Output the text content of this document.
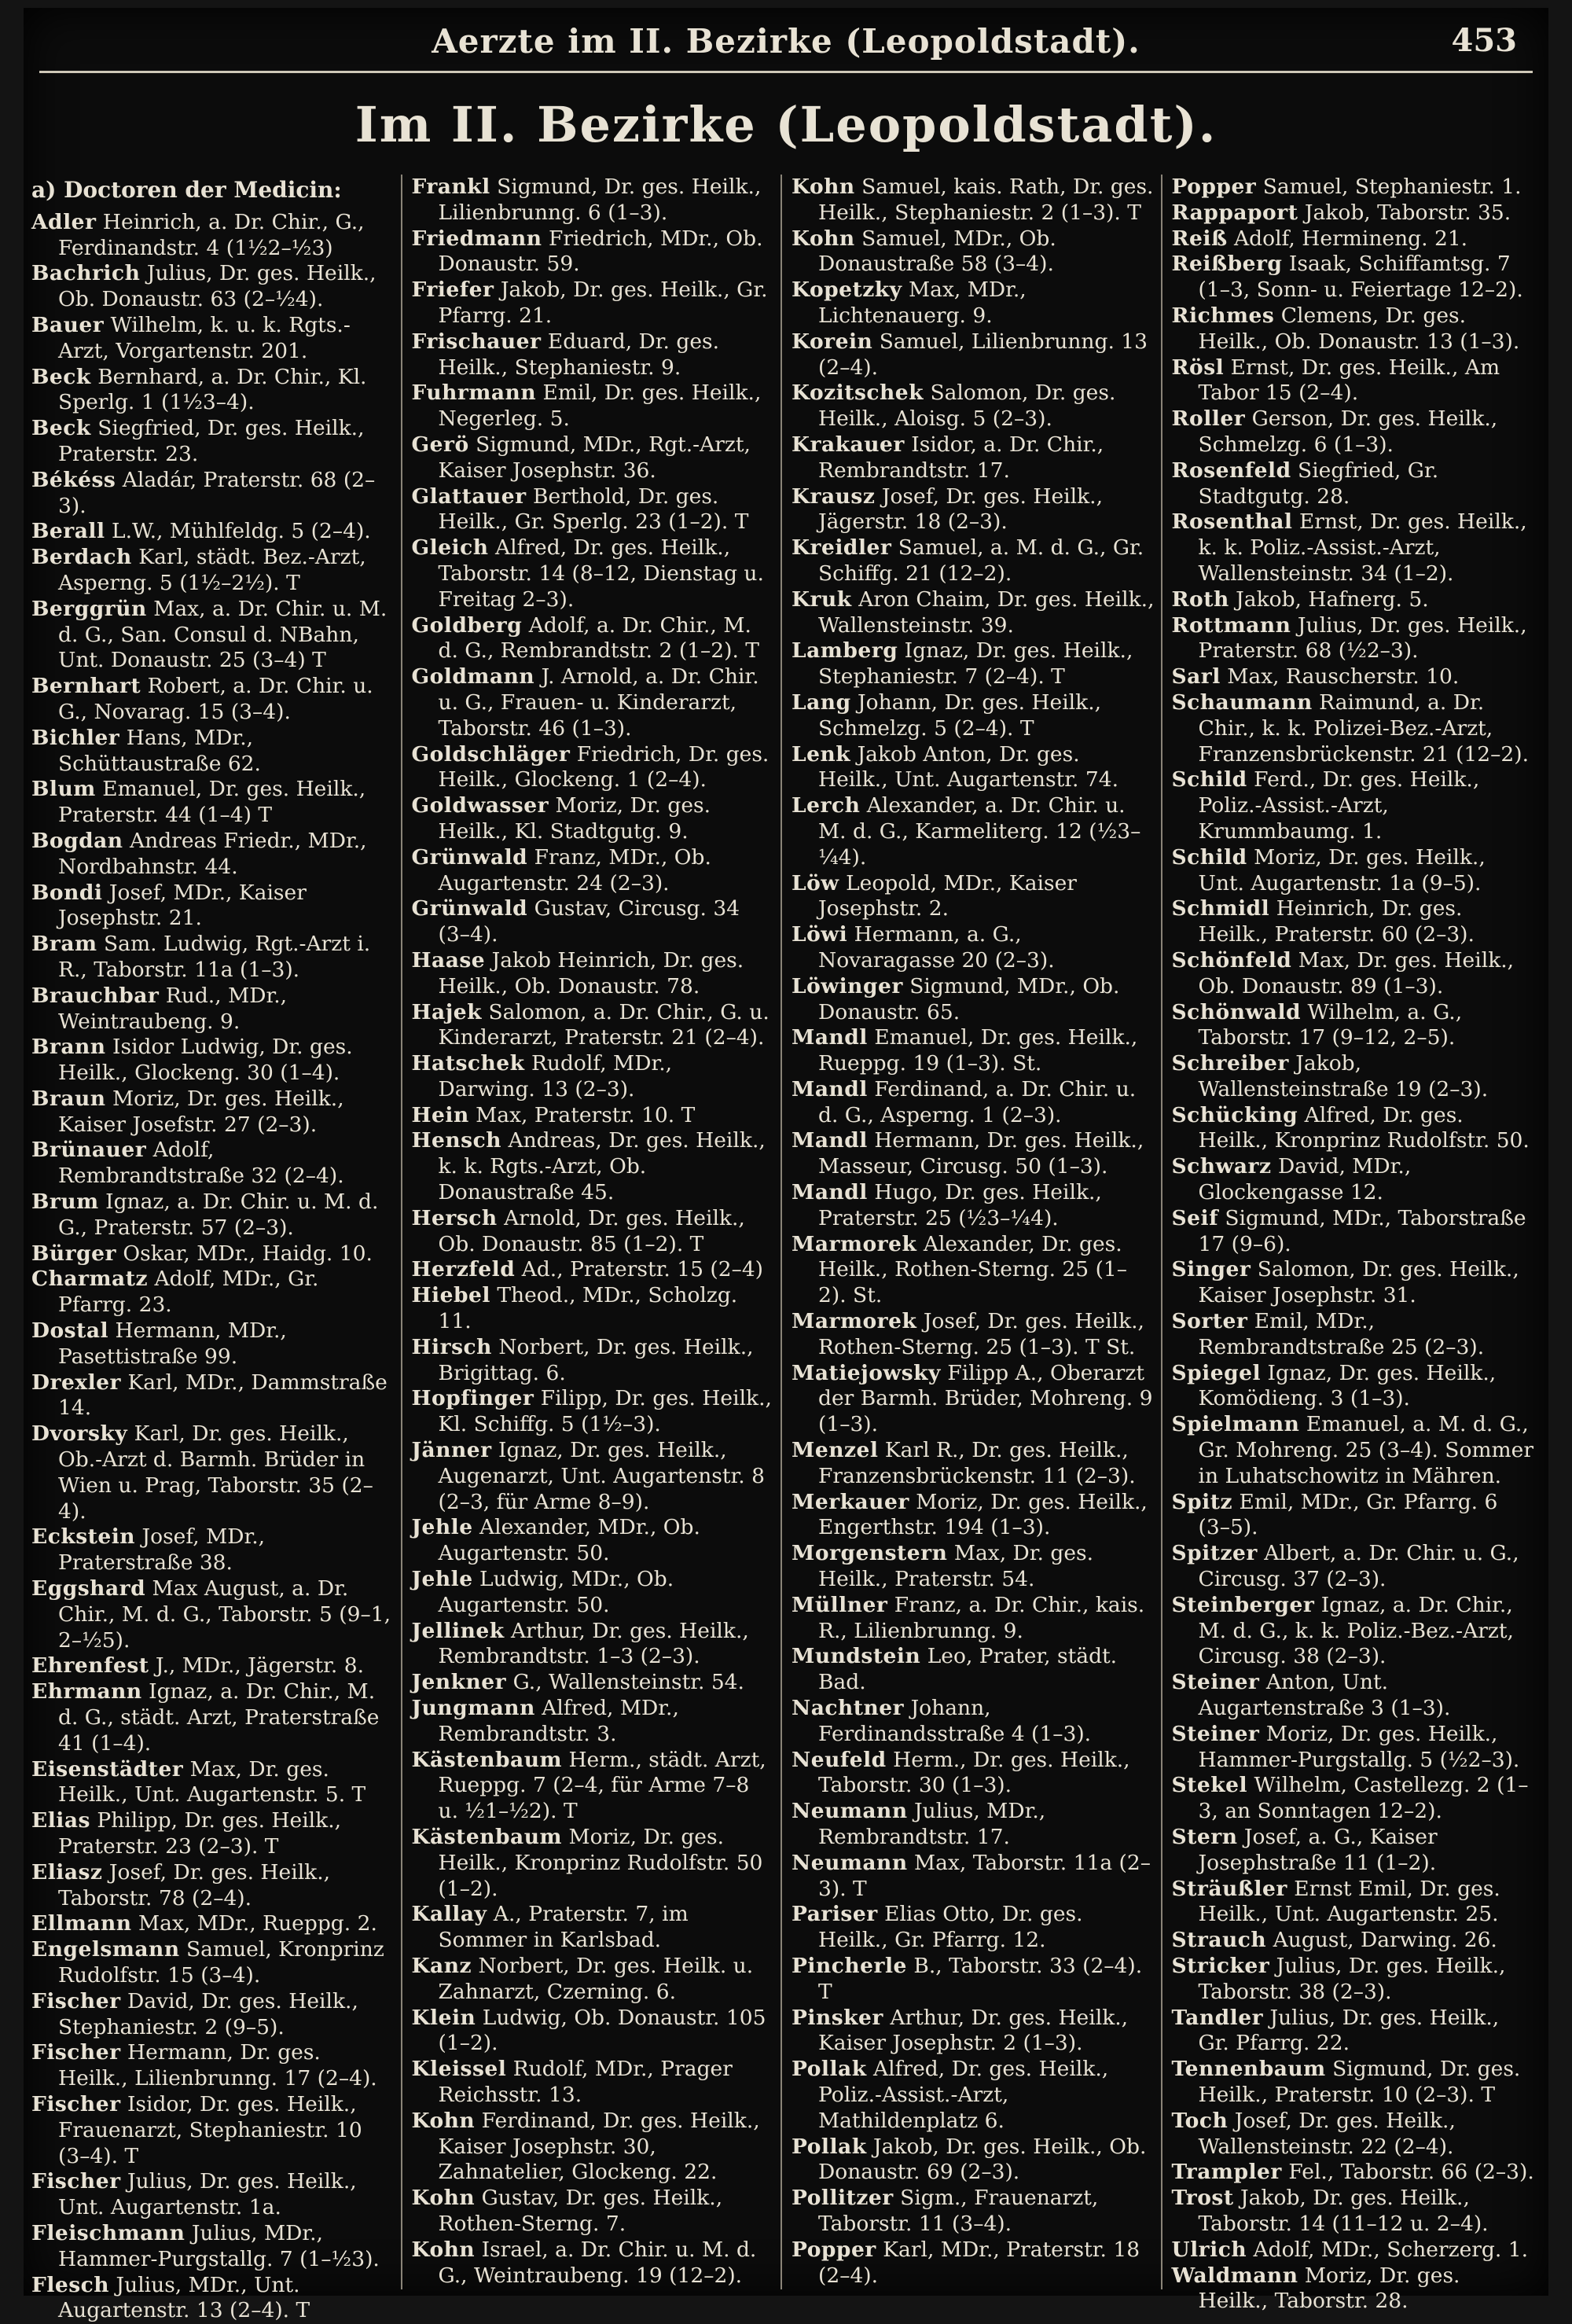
Aerzte im II. Bezirke (Leopoldstadt).	453
Im II. Bezirke (Leopoldstadt).
a) Doctoren der Medicin:
Adler Heinrich, a. Dr. Chir., G., Ferdinandstr. 4 (1½2–½3)
Bachrich Julius, Dr. ges. Heilk., Ob. Donaustr. 63 (2–½4).
Bauer Wilhelm, k. u. k. Rgts.-Arzt, Vorgartenstr. 201.
Beck Bernhard, a. Dr. Chir., Kl. Sperlg. 1 (1½3–4).
Beck Siegfried, Dr. ges. Heilk., Praterstr. 23.
Békéss Aladár, Praterstr. 68 (2–3).
Berall L.W., Mühlfeldg. 5 (2–4).
Berdach Karl, städt. Bez.-Arzt, Asperng. 5 (1½–2½). T
Berggrün Max, a. Dr. Chir. u. M. d. G., San. Consul d. NBahn, Unt. Donaustr. 25 (3–4) T
Bernhart Robert, a. Dr. Chir. u. G., Novarag. 15 (3–4).
Bichler Hans, MDr., Schüttaustraße 62.
Blum Emanuel, Dr. ges. Heilk., Praterstr. 44 (1–4) T
Bogdan Andreas Friedr., MDr., Nordbahnstr. 44.
Bondi Josef, MDr., Kaiser Josephstr. 21.
Bram Sam. Ludwig, Rgt.-Arzt i. R., Taborstr. 11a (1–3).
Brauchbar Rud., MDr., Weintraubeng. 9.
Brann Isidor Ludwig, Dr. ges. Heilk., Glockeng. 30 (1–4).
Braun Moriz, Dr. ges. Heilk., Kaiser Josefstr. 27 (2–3).
Brünauer Adolf, Rembrandtstraße 32 (2–4).
Brum Ignaz, a. Dr. Chir. u. M. d. G., Praterstr. 57 (2–3).
Bürger Oskar, MDr., Haidg. 10.
Charmatz Adolf, MDr., Gr. Pfarrg. 23.
Dostal Hermann, MDr., Pasettistraße 99.
Drexler Karl, MDr., Dammstraße 14.
Dvorsky Karl, Dr. ges. Heilk., Ob.-Arzt d. Barmh. Brüder in Wien u. Prag, Taborstr. 35 (2–4).
Eckstein Josef, MDr., Praterstraße 38.
Eggshard Max August, a. Dr. Chir., M. d. G., Taborstr. 5 (9–1, 2–½5).
Ehrenfest J., MDr., Jägerstr. 8.
Ehrmann Ignaz, a. Dr. Chir., M. d. G., städt. Arzt, Praterstraße 41 (1–4).
Eisenstädter Max, Dr. ges. Heilk., Unt. Augartenstr. 5. T
Elias Philipp, Dr. ges. Heilk., Praterstr. 23 (2–3). T
Eliasz Josef, Dr. ges. Heilk., Taborstr. 78 (2–4).
Ellmann Max, MDr., Rueppg. 2.
Engelsmann Samuel, Kronprinz Rudolfstr. 15 (3–4).
Fischer David, Dr. ges. Heilk., Stephaniestr. 2 (9–5).
Fischer Hermann, Dr. ges. Heilk., Lilienbrunng. 17 (2–4).
Fischer Isidor, Dr. ges. Heilk., Frauenarzt, Stephaniestr. 10 (3–4). T
Fischer Julius, Dr. ges. Heilk., Unt. Augartenstr. 1a.
Fleischmann Julius, MDr., Hammer-Purgstallg. 7 (1–½3).
Flesch Julius, MDr., Unt. Augartenstr. 13 (2–4). T
Frankl Sigmund, Dr. ges. Heilk., Lilienbrunng. 6 (1–3).
Friedmann Friedrich, MDr., Ob. Donaustr. 59.
Friefer Jakob, Dr. ges. Heilk., Gr. Pfarrg. 21.
Frischauer Eduard, Dr. ges. Heilk., Stephaniestr. 9.
Fuhrmann Emil, Dr. ges. Heilk., Negerleg. 5.
Gerö Sigmund, MDr., Rgt.-Arzt, Kaiser Josephstr. 36.
Glattauer Berthold, Dr. ges. Heilk., Gr. Sperlg. 23 (1–2). T
Gleich Alfred, Dr. ges. Heilk., Taborstr. 14 (8–12, Dienstag u. Freitag 2–3).
Goldberg Adolf, a. Dr. Chir., M. d. G., Rembrandtstr. 2 (1–2). T
Goldmann J. Arnold, a. Dr. Chir. u. G., Frauen- u. Kinderarzt, Taborstr. 46 (1–3).
Goldschläger Friedrich, Dr. ges. Heilk., Glockeng. 1 (2–4).
Goldwasser Moriz, Dr. ges. Heilk., Kl. Stadtgutg. 9.
Grünwald Franz, MDr., Ob. Augartenstr. 24 (2–3).
Grünwald Gustav, Circusg. 34 (3–4).
Haase Jakob Heinrich, Dr. ges. Heilk., Ob. Donaustr. 78.
Hajek Salomon, a. Dr. Chir., G. u. Kinderarzt, Praterstr. 21 (2–4).
Hatschek Rudolf, MDr., Darwing. 13 (2–3).
Hein Max, Praterstr. 10. T
Hensch Andreas, Dr. ges. Heilk., k. k. Rgts.-Arzt, Ob. Donaustraße 45.
Hersch Arnold, Dr. ges. Heilk., Ob. Donaustr. 85 (1–2). T
Herzfeld Ad., Praterstr. 15 (2–4)
Hiebel Theod., MDr., Scholzg. 11.
Hirsch Norbert, Dr. ges. Heilk., Brigittag. 6.
Hopfinger Filipp, Dr. ges. Heilk., Kl. Schiffg. 5 (1½–3).
Jänner Ignaz, Dr. ges. Heilk., Augenarzt, Unt. Augartenstr. 8 (2–3, für Arme 8–9).
Jehle Alexander, MDr., Ob. Augartenstr. 50.
Jehle Ludwig, MDr., Ob. Augartenstr. 50.
Jellinek Arthur, Dr. ges. Heilk., Rembrandtstr. 1–3 (2–3).
Jenkner G., Wallensteinstr. 54.
Jungmann Alfred, MDr., Rembrandtstr. 3.
Kästenbaum Herm., städt. Arzt, Rueppg. 7 (2–4, für Arme 7–8 u. ½1–½2). T
Kästenbaum Moriz, Dr. ges. Heilk., Kronprinz Rudolfstr. 50 (1–2).
Kallay A., Praterstr. 7, im Sommer in Karlsbad.
Kanz Norbert, Dr. ges. Heilk. u. Zahnarzt, Czerning. 6.
Klein Ludwig, Ob. Donaustr. 105 (1–2).
Kleissel Rudolf, MDr., Prager Reichsstr. 13.
Kohn Ferdinand, Dr. ges. Heilk., Kaiser Josephstr. 30, Zahnatelier, Glockeng. 22.
Kohn Gustav, Dr. ges. Heilk., Rothen-Sterng. 7.
Kohn Israel, a. Dr. Chir. u. M. d. G., Weintraubeng. 19 (12–2).
Kohn Samuel, kais. Rath, Dr. ges. Heilk., Stephaniestr. 2 (1–3). T
Kohn Samuel, MDr., Ob. Donaustraße 58 (3–4).
Kopetzky Max, MDr., Lichtenauerg. 9.
Korein Samuel, Lilienbrunng. 13 (2–4).
Kozitschek Salomon, Dr. ges. Heilk., Aloisg. 5 (2–3).
Krakauer Isidor, a. Dr. Chir., Rembrandtstr. 17.
Krausz Josef, Dr. ges. Heilk., Jägerstr. 18 (2–3).
Kreidler Samuel, a. M. d. G., Gr. Schiffg. 21 (12–2).
Kruk Aron Chaim, Dr. ges. Heilk., Wallensteinstr. 39.
Lamberg Ignaz, Dr. ges. Heilk., Stephaniestr. 7 (2–4). T
Lang Johann, Dr. ges. Heilk., Schmelzg. 5 (2–4). T
Lenk Jakob Anton, Dr. ges. Heilk., Unt. Augartenstr. 74.
Lerch Alexander, a. Dr. Chir. u. M. d. G., Karmeliterg. 12 (½3–¼4).
Löw Leopold, MDr., Kaiser Josephstr. 2.
Löwi Hermann, a. G., Novaragasse 20 (2–3).
Löwinger Sigmund, MDr., Ob. Donaustr. 65.
Mandl Emanuel, Dr. ges. Heilk., Rueppg. 19 (1–3). St.
Mandl Ferdinand, a. Dr. Chir. u. d. G., Asperng. 1 (2–3).
Mandl Hermann, Dr. ges. Heilk., Masseur, Circusg. 50 (1–3).
Mandl Hugo, Dr. ges. Heilk., Praterstr. 25 (½3–¼4).
Marmorek Alexander, Dr. ges. Heilk., Rothen-Sterng. 25 (1–2). St.
Marmorek Josef, Dr. ges. Heilk., Rothen-Sterng. 25 (1–3). T St.
Matiejowsky Filipp A., Oberarzt der Barmh. Brüder, Mohreng. 9 (1–3).
Menzel Karl R., Dr. ges. Heilk., Franzensbrückenstr. 11 (2–3).
Merkauer Moriz, Dr. ges. Heilk., Engerthstr. 194 (1–3).
Morgenstern Max, Dr. ges. Heilk., Praterstr. 54.
Müllner Franz, a. Dr. Chir., kais. R., Lilienbrunng. 9.
Mundstein Leo, Prater, städt. Bad.
Nachtner Johann, Ferdinandsstraße 4 (1–3).
Neufeld Herm., Dr. ges. Heilk., Taborstr. 30 (1–3).
Neumann Julius, MDr., Rembrandtstr. 17.
Neumann Max, Taborstr. 11a (2–3). T
Pariser Elias Otto, Dr. ges. Heilk., Gr. Pfarrg. 12.
Pincherle B., Taborstr. 33 (2–4). T
Pinsker Arthur, Dr. ges. Heilk., Kaiser Josephstr. 2 (1–3).
Pollak Alfred, Dr. ges. Heilk., Poliz.-Assist.-Arzt, Mathildenplatz 6.
Pollak Jakob, Dr. ges. Heilk., Ob. Donaustr. 69 (2–3).
Pollitzer Sigm., Frauenarzt, Taborstr. 11 (3–4).
Popper Karl, MDr., Praterstr. 18 (2–4).
Popper Samuel, Stephaniestr. 1.
Rappaport Jakob, Taborstr. 35.
Reiß Adolf, Hermineng. 21.
Reißberg Isaak, Schiffamtsg. 7 (1–3, Sonn- u. Feiertage 12–2).
Richmes Clemens, Dr. ges. Heilk., Ob. Donaustr. 13 (1–3).
Rösl Ernst, Dr. ges. Heilk., Am Tabor 15 (2–4).
Roller Gerson, Dr. ges. Heilk., Schmelzg. 6 (1–3).
Rosenfeld Siegfried, Gr. Stadtgutg. 28.
Rosenthal Ernst, Dr. ges. Heilk., k. k. Poliz.-Assist.-Arzt, Wallensteinstr. 34 (1–2).
Roth Jakob, Hafnerg. 5.
Rottmann Julius, Dr. ges. Heilk., Praterstr. 68 (½2–3).
Sarl Max, Rauscherstr. 10.
Schaumann Raimund, a. Dr. Chir., k. k. Polizei-Bez.-Arzt, Franzensbrückenstr. 21 (12–2).
Schild Ferd., Dr. ges. Heilk., Poliz.-Assist.-Arzt, Krummbaumg. 1.
Schild Moriz, Dr. ges. Heilk., Unt. Augartenstr. 1a (9–5).
Schmidl Heinrich, Dr. ges. Heilk., Praterstr. 60 (2–3).
Schönfeld Max, Dr. ges. Heilk., Ob. Donaustr. 89 (1–3).
Schönwald Wilhelm, a. G., Taborstr. 17 (9–12, 2–5).
Schreiber Jakob, Wallensteinstraße 19 (2–3).
Schücking Alfred, Dr. ges. Heilk., Kronprinz Rudolfstr. 50.
Schwarz David, MDr., Glockengasse 12.
Seif Sigmund, MDr., Taborstraße 17 (9–6).
Singer Salomon, Dr. ges. Heilk., Kaiser Josephstr. 31.
Sorter Emil, MDr., Rembrandtstraße 25 (2–3).
Spiegel Ignaz, Dr. ges. Heilk., Komödieng. 3 (1–3).
Spielmann Emanuel, a. M. d. G., Gr. Mohreng. 25 (3–4). Sommer in Luhatschowitz in Mähren.
Spitz Emil, MDr., Gr. Pfarrg. 6 (3–5).
Spitzer Albert, a. Dr. Chir. u. G., Circusg. 37 (2–3).
Steinberger Ignaz, a. Dr. Chir., M. d. G., k. k. Poliz.-Bez.-Arzt, Circusg. 38 (2–3).
Steiner Anton, Unt. Augartenstraße 3 (1–3).
Steiner Moriz, Dr. ges. Heilk., Hammer-Purgstallg. 5 (½2–3).
Stekel Wilhelm, Castellezg. 2 (1–3, an Sonntagen 12–2).
Stern Josef, a. G., Kaiser Josephstraße 11 (1–2).
Sträußler Ernst Emil, Dr. ges. Heilk., Unt. Augartenstr. 25.
Strauch August, Darwing. 26.
Stricker Julius, Dr. ges. Heilk., Taborstr. 38 (2–3).
Tandler Julius, Dr. ges. Heilk., Gr. Pfarrg. 22.
Tennenbaum Sigmund, Dr. ges. Heilk., Praterstr. 10 (2–3). T
Toch Josef, Dr. ges. Heilk., Wallensteinstr. 22 (2–4).
Trampler Fel., Taborstr. 66 (2–3).
Trost Jakob, Dr. ges. Heilk., Taborstr. 14 (11–12 u. 2–4).
Ulrich Adolf, MDr., Scherzerg. 1.
Waldmann Moriz, Dr. ges. Heilk., Taborstr. 28.
